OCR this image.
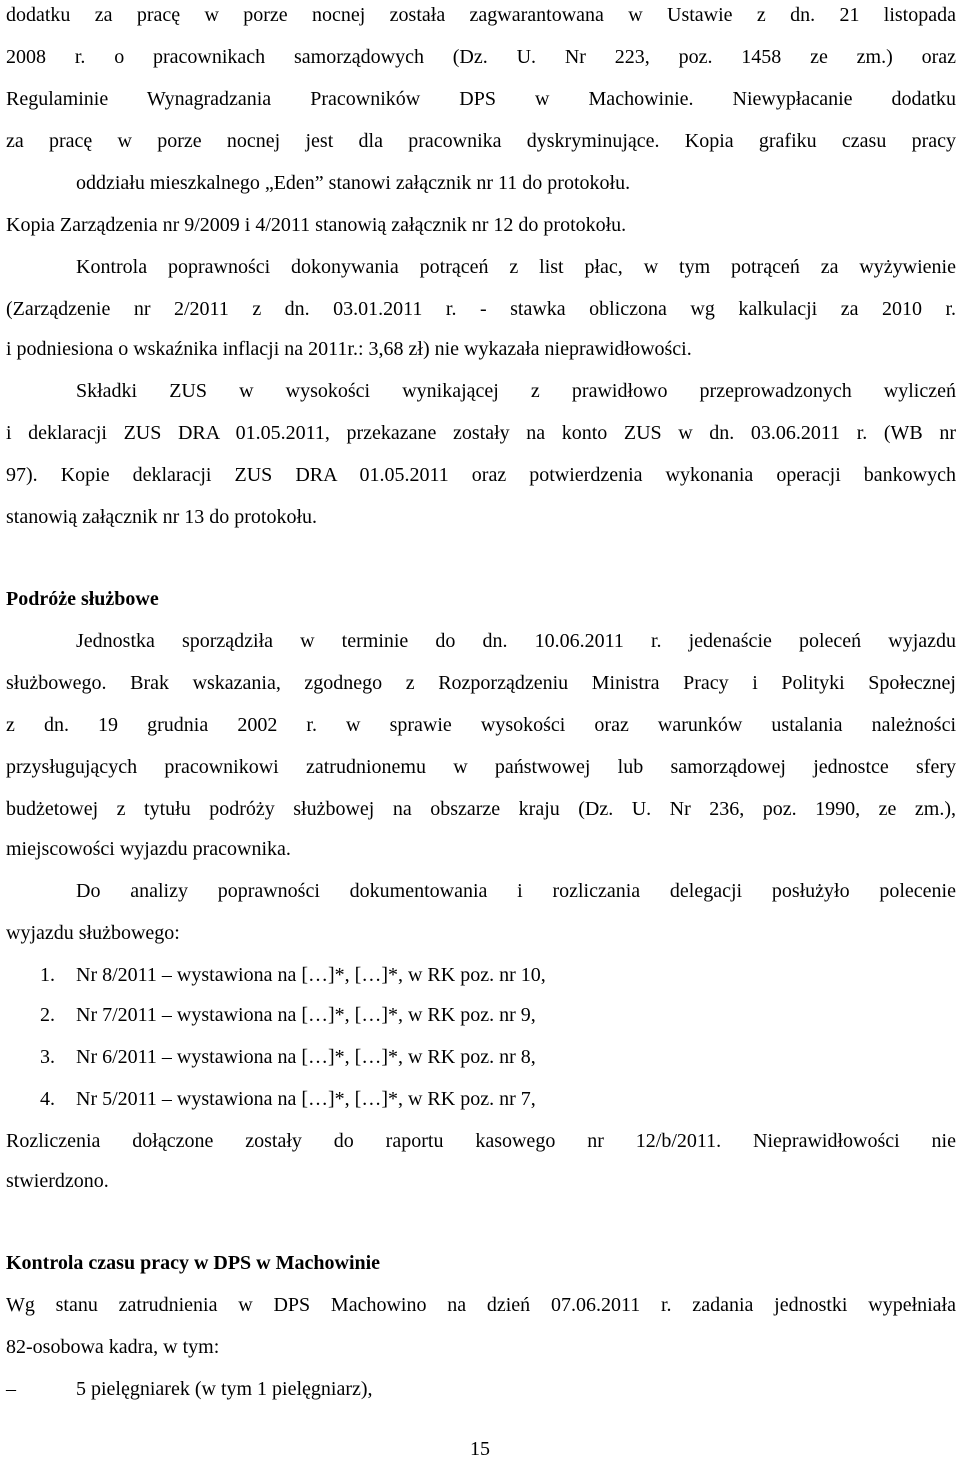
dodatku za pracę w porze nocnej została zagwarantowana w Ustawie z dn. 21 listopada
2008 r. o pracownikach samorządowych (Dz. U. Nr 223, poz. 1458 ze zm.) oraz
Regulaminie Wynagradzania Pracowników DPS w Machowinie. Niewypłacanie dodatku
za pracę w porze nocnej jest dla pracownika dyskryminujące. Kopia grafiku czasu pracy
oddziału mieszkalnego „Eden” stanowi załącznik nr 11 do protokołu.
Kopia Zarządzenia nr 9/2009 i 4/2011 stanowią załącznik nr 12 do protokołu.
Kontrola poprawności dokonywania potrąceń z list płac, w tym potrąceń za wyżywienie
(Zarządzenie nr 2/2011 z dn. 03.01.2011 r. - stawka obliczona wg kalkulacji za 2010 r.
i podniesiona o wskaźnika inflacji na 2011r.: 3,68 zł) nie wykazała nieprawidłowości.
Składki ZUS w wysokości wynikającej z prawidłowo przeprowadzonych wyliczeń
i deklaracji ZUS DRA 01.05.2011, przekazane zostały na konto ZUS w dn. 03.06.2011 r. (WB nr
97). Kopie deklaracji ZUS DRA 01.05.2011 oraz potwierdzenia wykonania operacji bankowych
stanowią załącznik nr 13 do protokołu.
Podróże służbowe
Jednostka sporządziła w terminie do dn. 10.06.2011 r. jedenaście poleceń wyjazdu
służbowego. Brak wskazania, zgodnego z Rozporządzeniu Ministra Pracy i Polityki Społecznej
z dn. 19 grudnia 2002 r. w sprawie wysokości oraz warunków ustalania należności
przysługujących pracownikowi zatrudnionemu w państwowej lub samorządowej jednostce sfery
budżetowej z tytułu podróży służbowej na obszarze kraju (Dz. U. Nr 236, poz. 1990, ze zm.),
miejscowości wyjazdu pracownika.
Do analizy poprawności dokumentowania i rozliczania delegacji posłużyło polecenie
wyjazdu służbowego:
1.	Nr 8/2011 – wystawiona na […]*, […]*, w RK poz. nr 10,
2.	Nr 7/2011 – wystawiona na […]*, […]*, w RK poz. nr 9,
3.	Nr 6/2011 – wystawiona na […]*, […]*, w RK poz. nr 8,
4.	Nr 5/2011 – wystawiona na […]*, […]*, w RK poz. nr 7,
Rozliczenia dołączone zostały do raportu kasowego nr 12/b/2011. Nieprawidłowości nie
stwierdzono.
Kontrola czasu pracy w DPS w Machowinie
Wg stanu zatrudnienia w DPS Machowino na dzień 07.06.2011 r. zadania jednostki wypełniała
82-osobowa kadra, w tym:
–	5 pielęgniarek (w tym 1 pielęgniarz),
15
